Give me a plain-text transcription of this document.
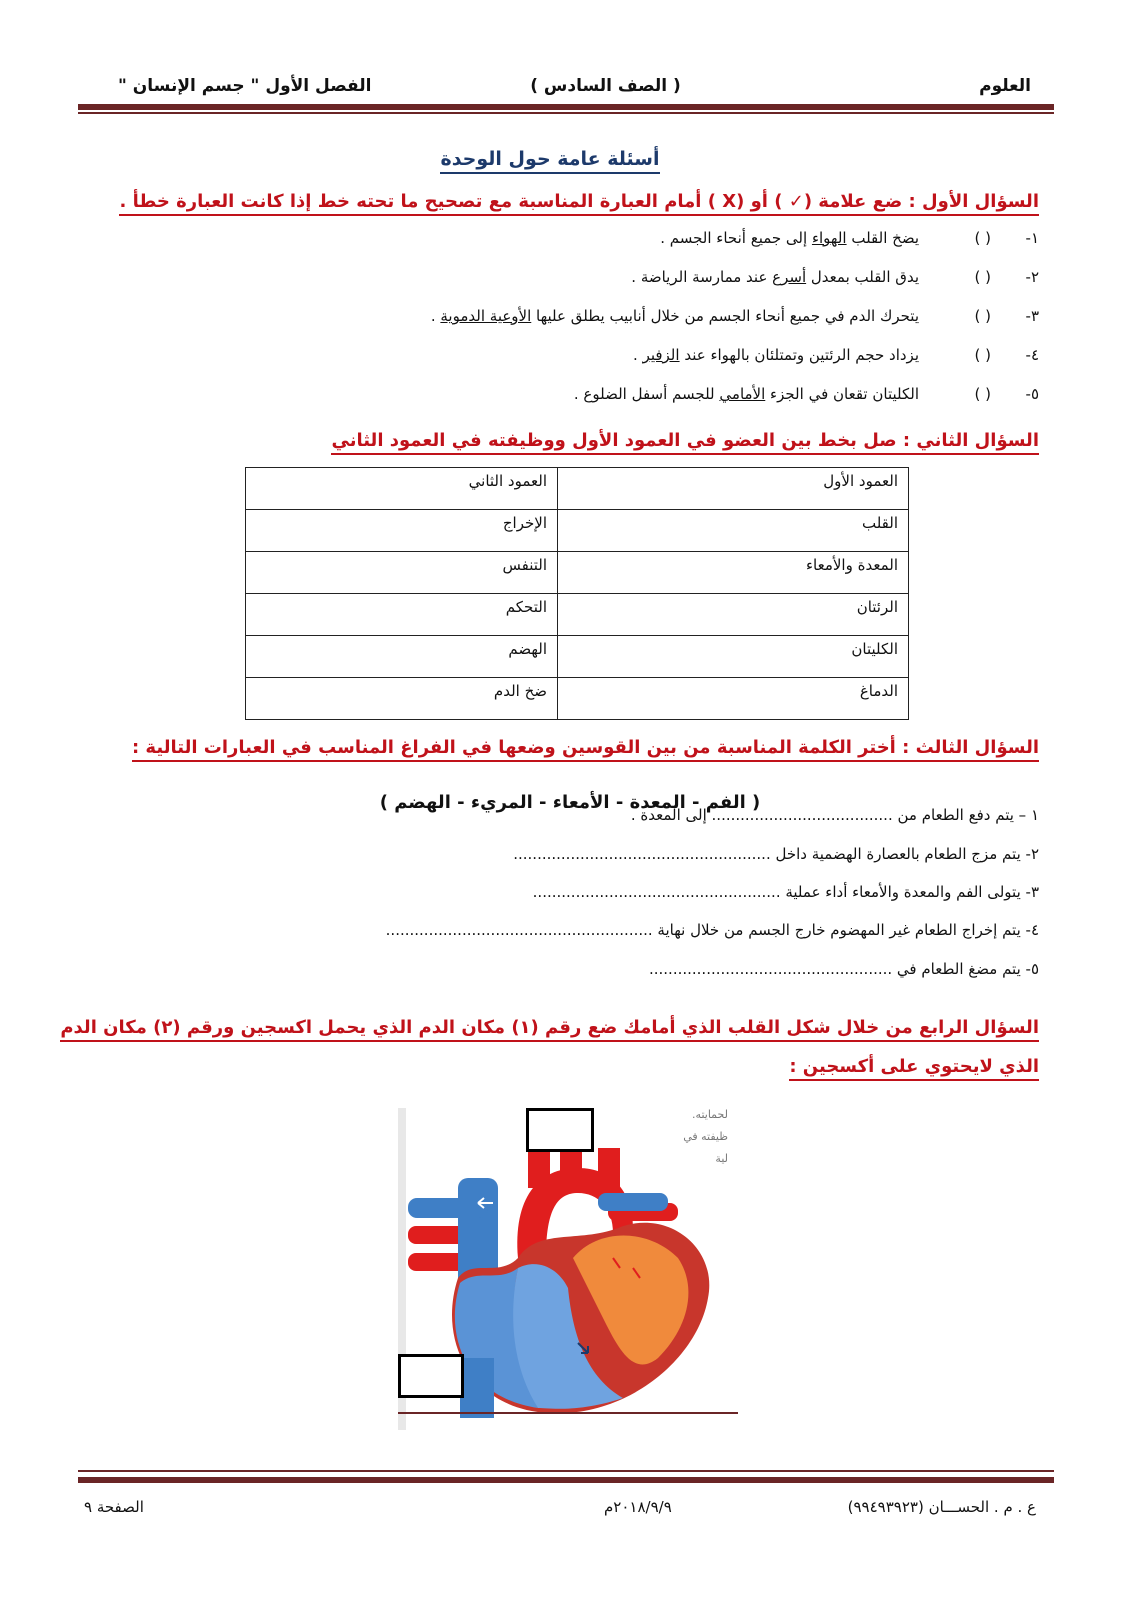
العلوم
( الصف السادس )
الفصل الأول " جسم الإنسان "
أسئلة عامة حول الوحدة
السؤال الأول : ضع علامة (✓ ) أو (X ) أمام العبارة المناسبة مع تصحيح ما تحته خط إذا كانت العبارة خطأ .
١-( )يضخ القلب الهواء إلى جميع أنحاء الجسم .
٢-( )يدق القلب بمعدل أسرع عند ممارسة الرياضة .
٣-( )يتحرك الدم في جميع أنحاء الجسم من خلال أنابيب يطلق عليها الأوعية الدموية .
٤-( )يزداد حجم الرئتين وتمتلئان بالهواء عند الزفير .
٥-( )الكليتان تقعان في الجزء الأمامي للجسم أسفل الضلوع .
السؤال الثاني : صل بخط بين العضو في العمود الأول ووظيفته في العمود الثاني
العمود الأول	العمود الثاني
القلب	الإخراج
المعدة والأمعاء	التنفس
الرئتان	التحكم
الكليتان	الهضم
الدماغ	ضخ الدم
السؤال الثالث : أختر الكلمة المناسبة من بين القوسين وضعها في الفراغ المناسب في العبارات التالية :
( الفم - المعدة - الأمعاء - المريء - الهضم )
١ – يتم دفع الطعام من ...................................... إلى المعدة .
٢- يتم مزج الطعام بالعصارة الهضمية داخل ......................................................
٣- يتولى الفم والمعدة والأمعاء أداء عملية ....................................................
٤- يتم إخراج الطعام غير المهضوم خارج الجسم من خلال نهاية ........................................................
٥- يتم مضغ الطعام في ...................................................
السؤال الرابع من خلال شكل القلب الذي أمامك ضع رقم (١) مكان الدم الذي يحمل اكسجين ورقم (٢) مكان الدم
الذي لايحتوي على أكسجين :
لحمايته.
ظيفته في
لية
ع . م . الحســـان (٩٩٤٩٣٩٢٣)
٢٠١٨/٩/٩م
الصفحة ٩
